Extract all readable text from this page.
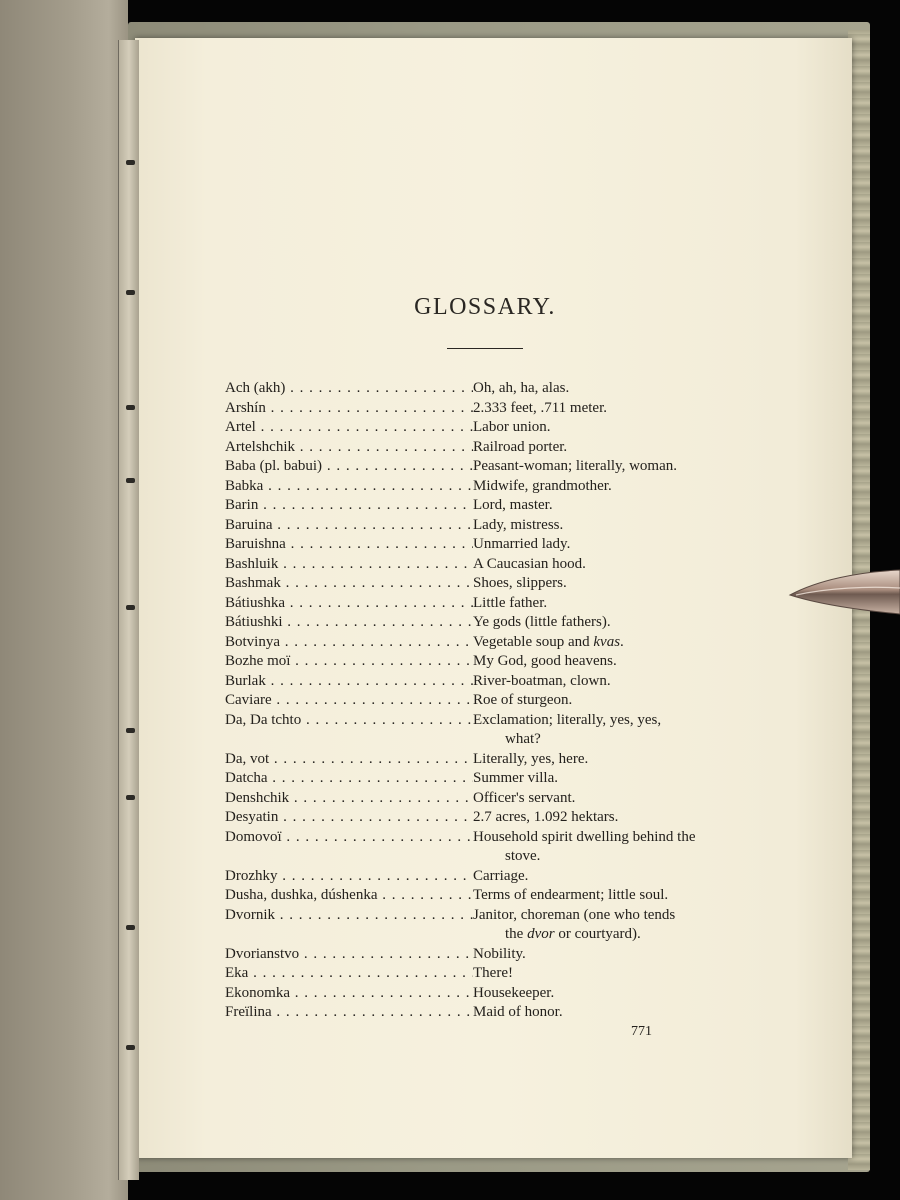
GLOSSARY.
Ach (akh) . . .	Oh, ah, ha, alas.
Arshín . . .	2.333 feet, .711 meter.
Artel . . .	Labor union.
Artelshchik . . .	Railroad porter.
Baba (pl. babui) . . .	Peasant-woman; literally, woman.
Babka . . .	Midwife, grandmother.
Barin . . .	Lord, master.
Baruina . . .	Lady, mistress.
Baruishna . . .	Unmarried lady.
Bashluik . . .	A Caucasian hood.
Bashmak . . .	Shoes, slippers.
Bátiushka . . .	Little father.
Bátiushki . . .	Ye gods (little fathers).
Botvinya . . .	Vegetable soup and kvas.
Bozhe moï . . .	My God, good heavens.
Burlak . . .	River-boatman, clown.
Caviare . . .	Roe of sturgeon.
Da, Da tchto . . .	Exclamation; literally, yes, yes,
what?
Da, vot . . .	Literally, yes, here.
Datcha . . .	Summer villa.
Denshchik . . .	Officer's servant.
Desyatin . . .	2.7 acres, 1.092 hektars.
Domovoï . . .	Household spirit dwelling behind the
stove.
Drozhky . . .	Carriage.
Dusha, dushka, dúshenka . . .	Terms of endearment; little soul.
Dvornik . . .	Janitor, choreman (one who tends
the dvor or courtyard).
Dvorianstvo . . .	Nobility.
Eka . . .	There!
Ekonomka . . .	Housekeeper.
Freïlina . . .	Maid of honor.
771
